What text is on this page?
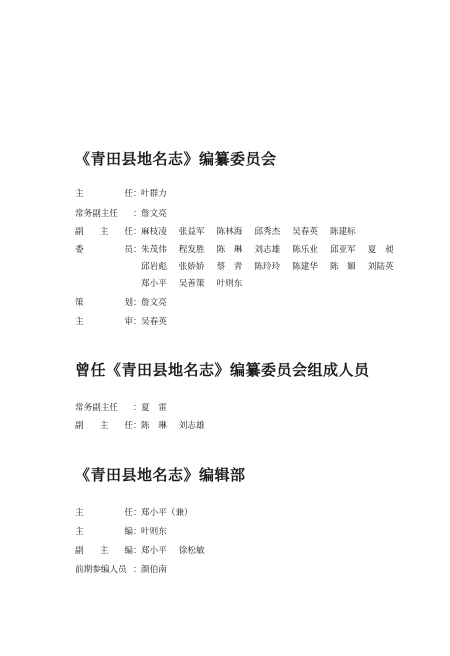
《青田县地名志》编纂委员会
主	任 ： 叶群力
常务副主任	： 詹文亮
副 主 任 ： 麻枝凌 张益军 陈林海 邱秀杰 吴春英 陈建标
委	员 ： 朱茂伟 程发胜 陈　琳 刘志雄 陈乐业 邱亚军 夏　昶
邱岩彪 张娇娇 蔡　青 陈玲玲 陈建华 陈　媚 刘陆英
郑小平 吴善策 叶则东
策	划 ： 詹文亮
主	审 ： 吴春英
曾任《青田县地名志》编纂委员会组成人员
常务副主任	： 夏　雷
副 主 任 ： 陈　琳 刘志雄
《青田县地名志》编辑部
主	任 ： 郑小平（兼）
主	编 ： 叶则东
副 主 编 ： 郑小平 徐松敏
前期参编人员 ： 颜伯南
